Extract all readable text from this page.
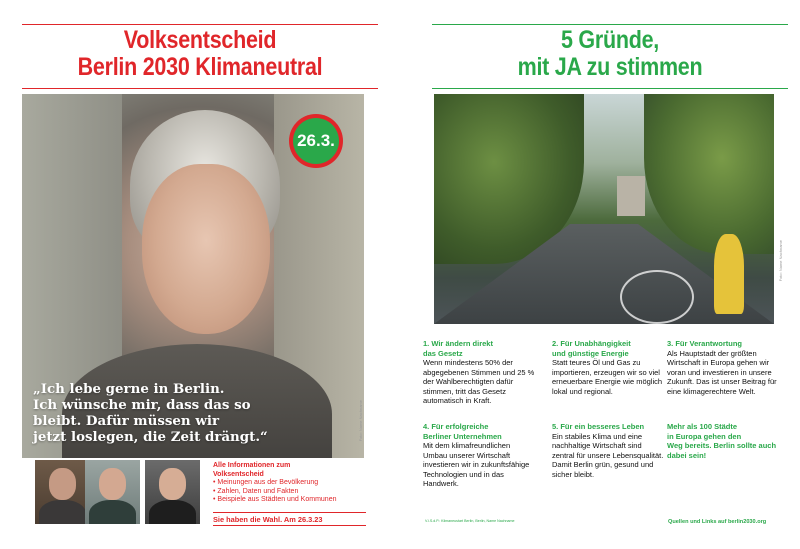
Volksentscheid
Berlin 2030 Klimaneutral
26.3.
„Ich lebe gerne in Berlin.
Ich wünsche mir, dass das so
bleibt. Dafür müssen wir
jetzt loslegen, die Zeit drängt.“	Foto: Name Nachname
Alle Informationen zum
Volksentscheid
• Meinungen aus der Bevölkerung
• Zahlen, Daten und Fakten
• Beispiele aus Städten und Kommunen
Sie haben die Wahl. Am 26.3.23
5 Gründe,
mit JA zu stimmen
Foto: Name Nachname
1. Wir ändern direkt
das Gesetz
Wenn mindestens 50% der abgegebenen Stimmen und 25 % der Wahlberechtigten dafür stimmen, tritt das Gesetz automatisch in Kraft.
2. Für Unabhängigkeit
und günstige Energie
Statt teures Öl und Gas zu importieren, erzeugen wir so viel erneuerbare Energie wie möglich lokal und regional.
3. Für Verantwortung
Als Hauptstadt der größten Wirtschaft in Europa gehen wir voran und investieren in unsere Zukunft. Das ist unser Beitrag für eine klimagerechtere Welt.
4. Für erfolgreiche
Berliner Unternehmen
Mit dem klimafreundlichen Umbau unserer Wirtschaft investieren wir in zukunftsfähige Technologien und in das Handwerk.
5. Für ein besseres Leben
Ein stabiles Klima und eine nachhaltige Wirtschaft sind zentral für unsere Lebensqualität. Damit Berlin grün, gesund und sicher bleibt.
Mehr als 100 Städte
in Europa gehen den
Weg bereits. Berlin sollte auch dabei sein!
V.i.S.d.P.: Klimaneustart Berlin, Berlin, Name Nachname	Quellen und Links auf berlin2030.org
